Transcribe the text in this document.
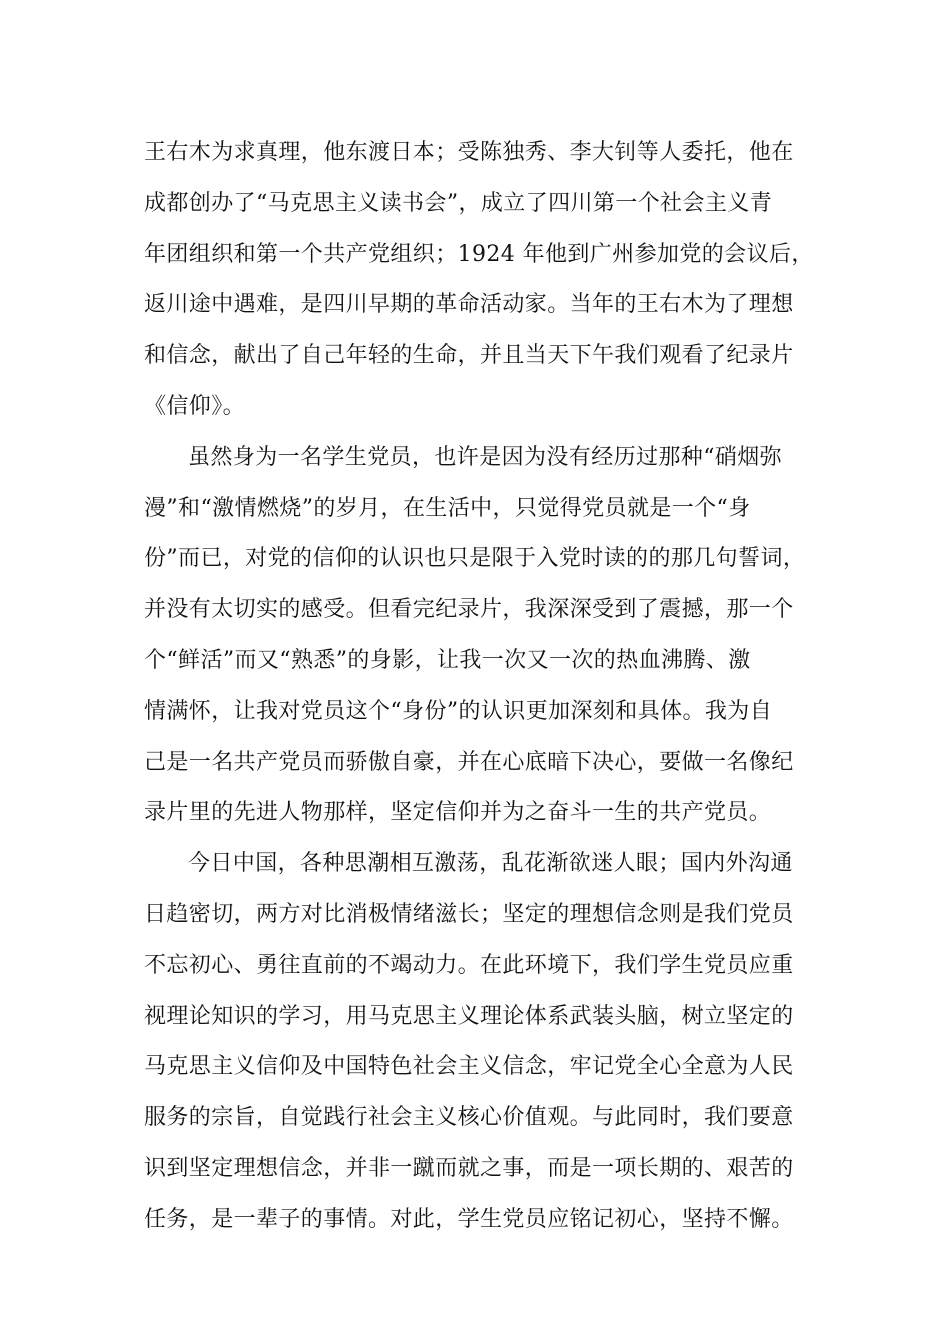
王右木为求真理，他东渡日本；受陈独秀、李大钊等人委托，他在
成都创办了“马克思主义读书会”，成立了四川第一个社会主义青
年团组织和第一个共产党组织；1924 年他到广州参加党的会议后，
返川途中遇难，是四川早期的革命活动家。当年的王右木为了理想
和信念，献出了自己年轻的生命，并且当天下午我们观看了纪录片
《信仰》。
虽然身为一名学生党员，也许是因为没有经历过那种“硝烟弥
漫”和“激情燃烧”的岁月，在生活中，只觉得党员就是一个“身
份”而已，对党的信仰的认识也只是限于入党时读的的那几句誓词，
并没有太切实的感受。但看完纪录片，我深深受到了震撼，那一个
个“鲜活”而又“熟悉”的身影，让我一次又一次的热血沸腾、激
情满怀，让我对党员这个“身份”的认识更加深刻和具体。我为自
己是一名共产党员而骄傲自豪，并在心底暗下决心，要做一名像纪
录片里的先进人物那样，坚定信仰并为之奋斗一生的共产党员。
今日中国，各种思潮相互激荡，乱花渐欲迷人眼；国内外沟通
日趋密切，两方对比消极情绪滋长；坚定的理想信念则是我们党员
不忘初心、勇往直前的不竭动力。在此环境下，我们学生党员应重
视理论知识的学习，用马克思主义理论体系武装头脑，树立坚定的
马克思主义信仰及中国特色社会主义信念，牢记党全心全意为人民
服务的宗旨，自觉践行社会主义核心价值观。与此同时，我们要意
识到坚定理想信念，并非一蹴而就之事，而是一项长期的、艰苦的
任务，是一辈子的事情。对此，学生党员应铭记初心，坚持不懈。
